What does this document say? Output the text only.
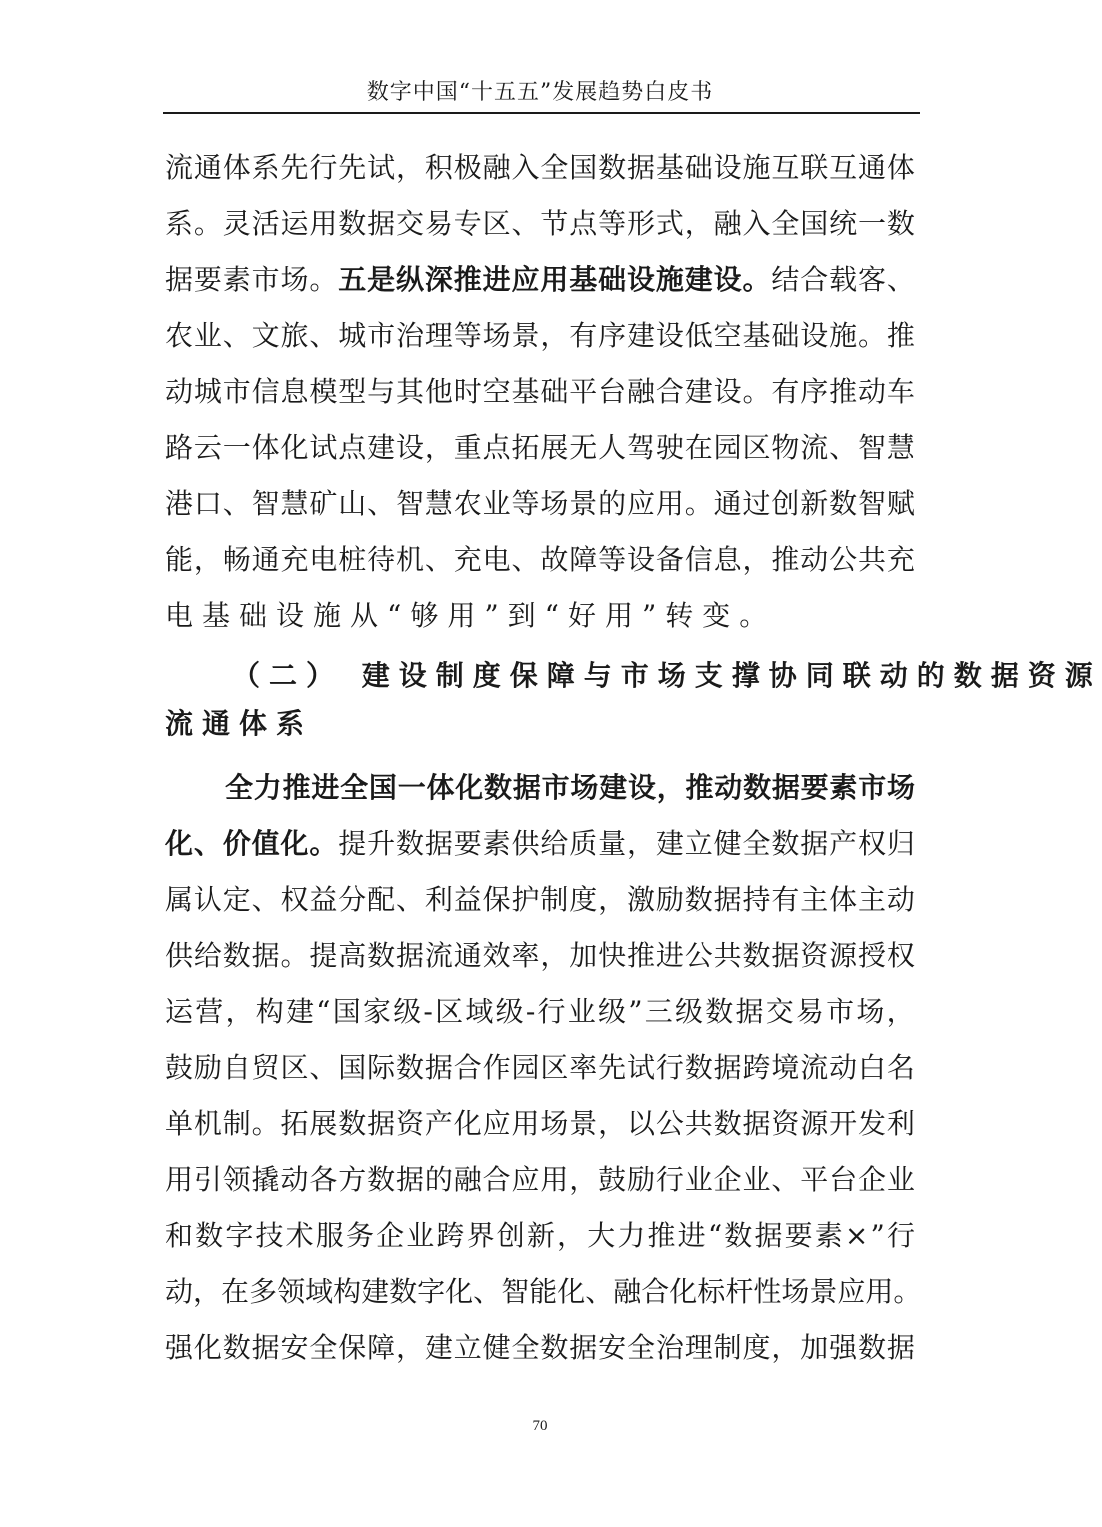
数字中国“十五五”发展趋势白皮书
流 通 体 系 先 行 先 试 ， 积 极 融 入 全 国 数 据 基 础 设 施 互 联 互 通 体
系 。 灵 活 运 用 数 据 交 易 专 区 、 节 点 等 形 式 ， 融 入 全 国 统 一 数
据 要 素 市 场 。 五 是 纵 深 推 进 应 用 基 础 设 施 建 设 。 结 合 载 客 、
农 业 、 文 旅 、 城 市 治 理 等 场 景 ， 有 序 建 设 低 空 基 础 设 施 。 推
动 城 市 信 息 模 型 与 其 他 时 空 基 础 平 台 融 合 建 设 。 有 序 推 动 车
路 云 一 体 化 试 点 建 设 ， 重 点 拓 展 无 人 驾 驶 在 园 区 物 流 、 智 慧
港 口 、 智 慧 矿 山 、 智 慧 农 业 等 场 景 的 应 用 。 通 过 创 新 数 智 赋
能 ， 畅 通 充 电 桩 待 机 、 充 电 、 故 障 等 设 备 信 息 ， 推 动 公 共 充
电基础设施从“够用”到“好用”转变。
（二） 建设制度保障与市场支撑协同联动的数据资源
流通体系
全 力 推 进 全 国 一 体 化 数 据 市 场 建 设 ， 推 动 数 据 要 素 市 场
化 、 价 值 化 。 提 升 数 据 要 素 供 给 质 量 ， 建 立 健 全 数 据 产 权 归
属 认 定 、 权 益 分 配 、 利 益 保 护 制 度 ， 激 励 数 据 持 有 主 体 主 动
供 给 数 据 。 提 高 数 据 流 通 效 率 ， 加 快 推 进 公 共 数 据 资 源 授 权
运 营 ， 构 建 “ 国 家 级 - 区 域 级 - 行 业 级 ” 三 级 数 据 交 易 市 场 ，
鼓 励 自 贸 区 、 国 际 数 据 合 作 园 区 率 先 试 行 数 据 跨 境 流 动 白 名
单 机 制 。 拓 展 数 据 资 产 化 应 用 场 景 ， 以 公 共 数 据 资 源 开 发 利
用 引 领 撬 动 各 方 数 据 的 融 合 应 用 ， 鼓 励 行 业 企 业 、 平 台 企 业
和 数 字 技 术 服 务 企 业 跨 界 创 新 ， 大 力 推 进 “ 数 据 要 素 × ” 行
动 ， 在 多 领 域 构 建 数 字 化 、 智 能 化 、 融 合 化 标 杆 性 场 景 应 用 。
强 化 数 据 安 全 保 障 ， 建 立 健 全 数 据 安 全 治 理 制 度 ， 加 强 数 据
70
